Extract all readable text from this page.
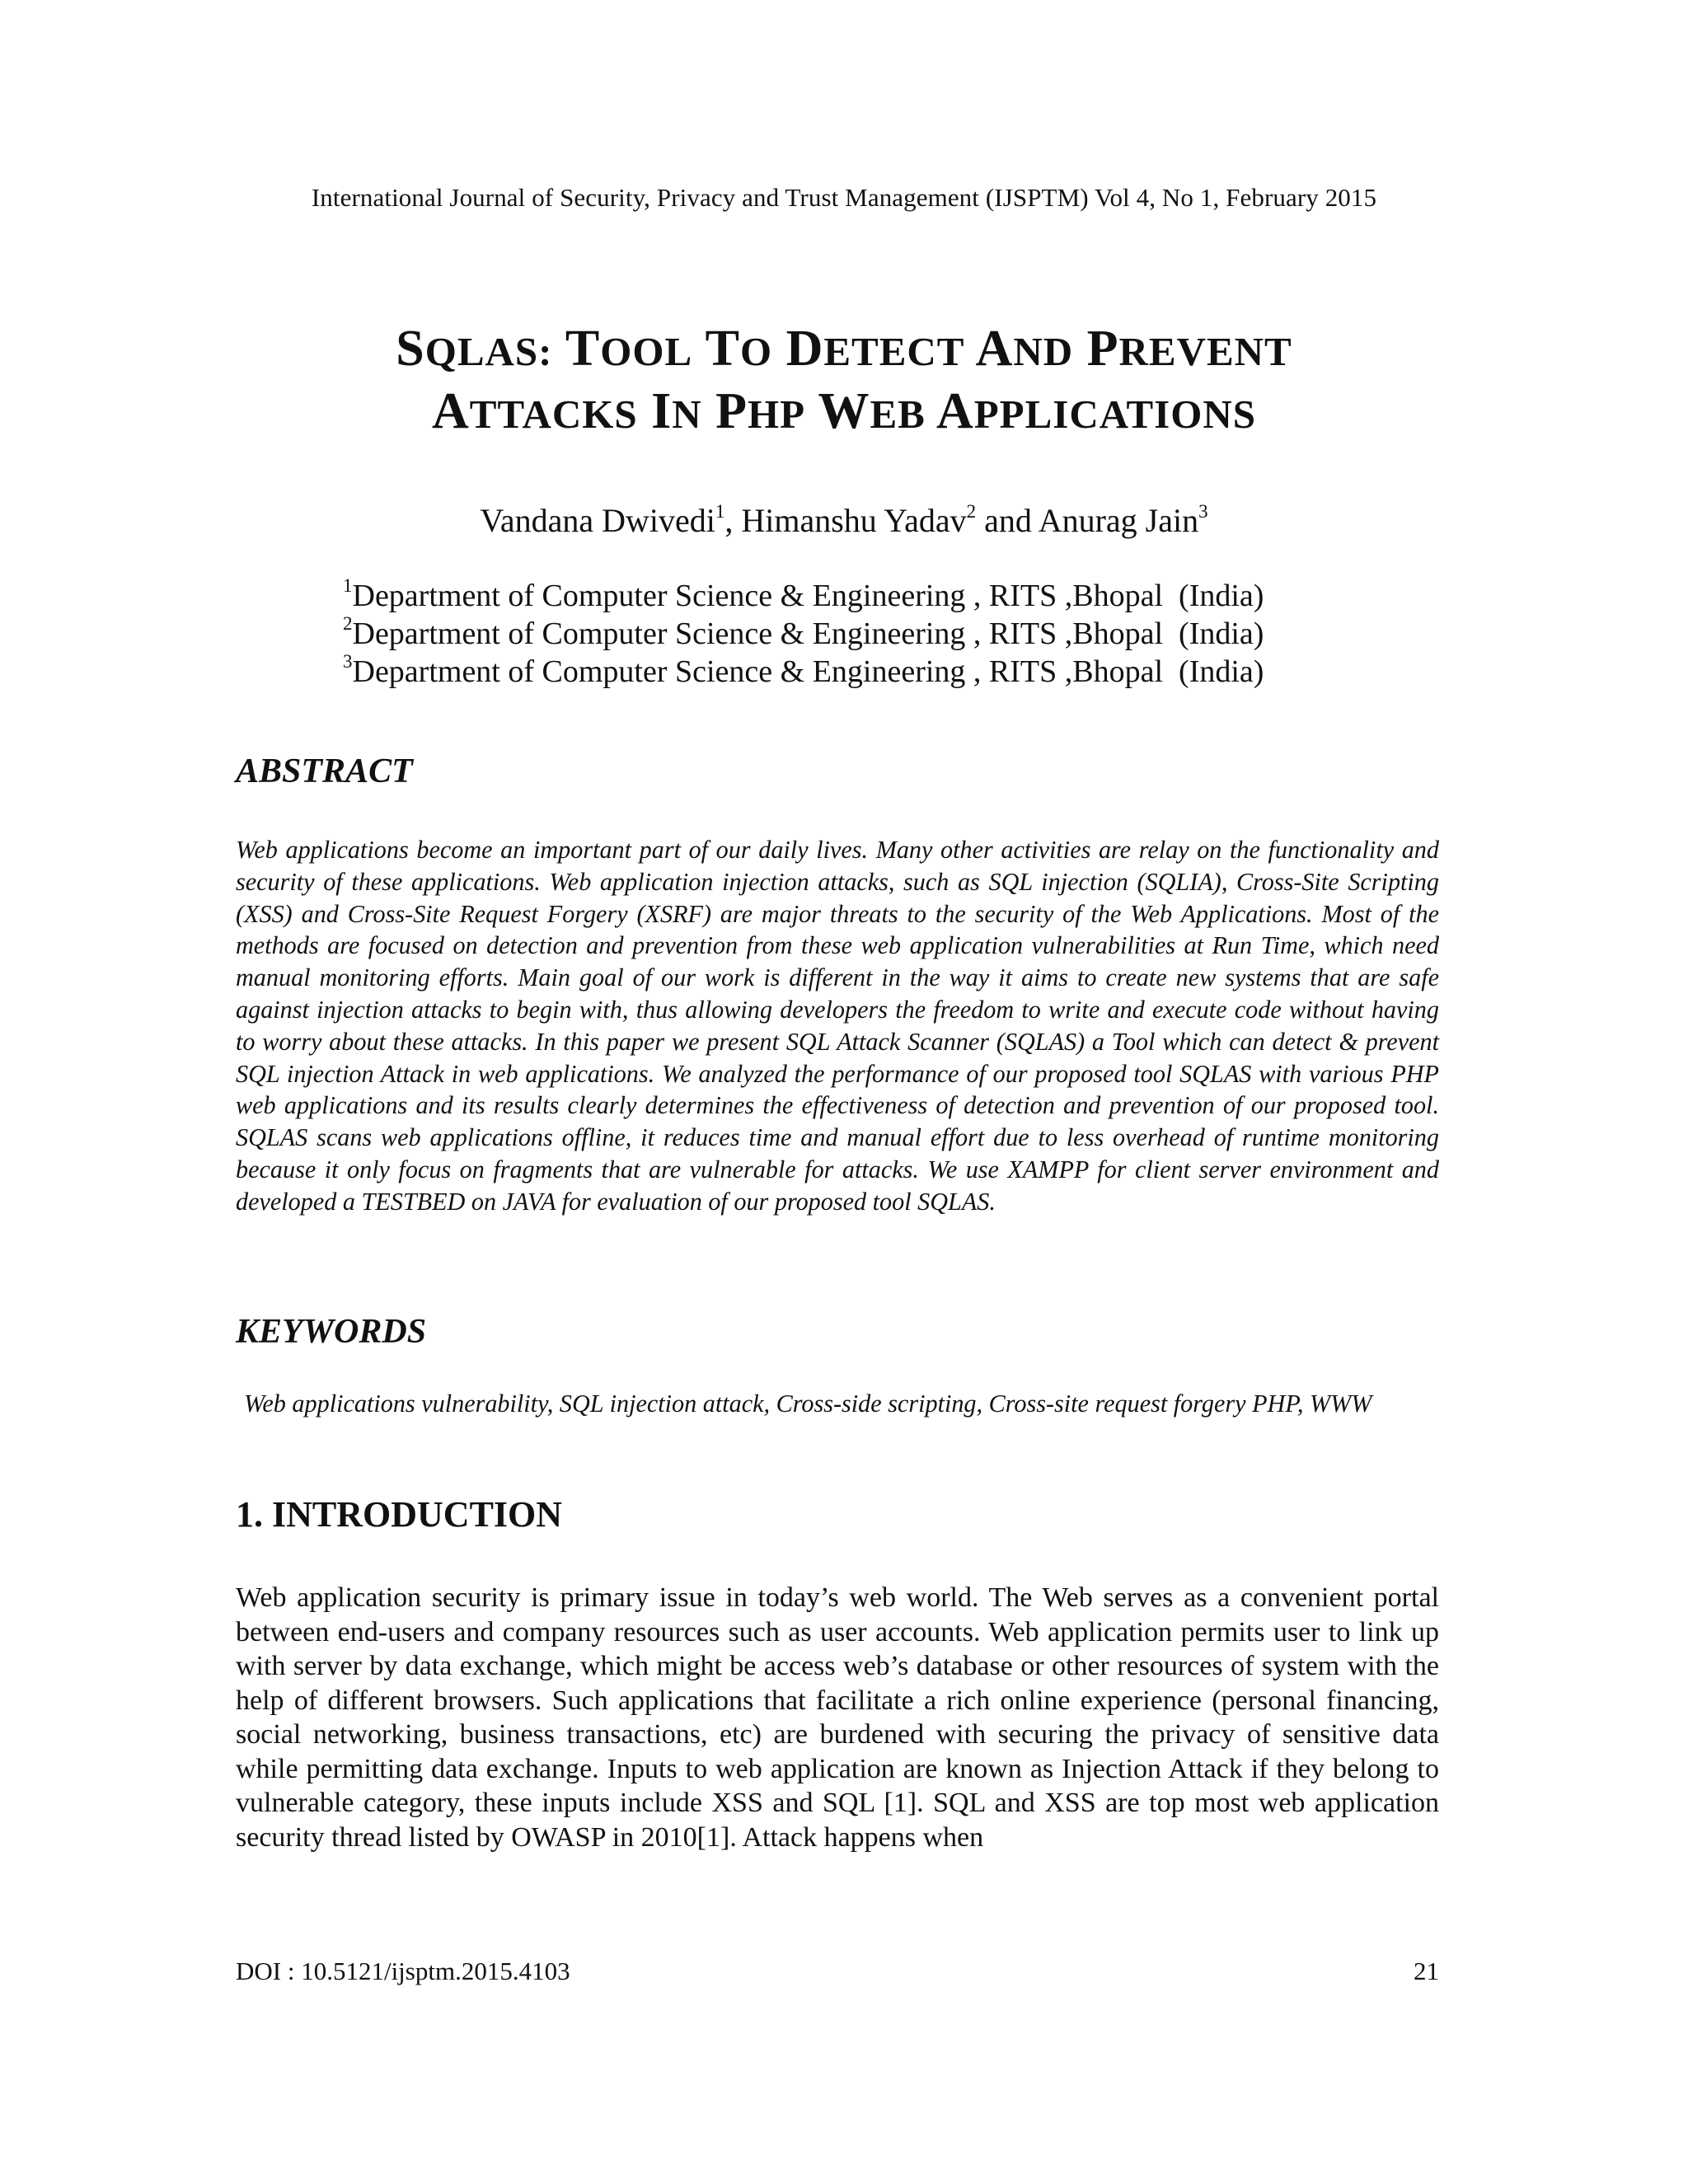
International Journal of Security, Privacy and Trust Management (IJSPTM) Vol 4, No 1, February 2015
SQLAS: TOOL TO DETECT AND PREVENT
ATTACKS IN PHP WEB APPLICATIONS
Vandana Dwivedi$^1$, Himanshu Yadav$^2$ and Anurag Jain$^3$
$^1$Department of Computer Science & Engineering , RITS ,Bhopal  (India)
$^2$Department of Computer Science & Engineering , RITS ,Bhopal  (India)
$^3$Department of Computer Science & Engineering , RITS ,Bhopal  (India)
ABSTRACT
Web applications become an important part of our daily lives. Many other activities are relay on the functionality and security of these applications. Web application injection attacks, such as SQL injection (SQLIA), Cross-Site Scripting (XSS) and Cross-Site Request Forgery (XSRF) are major threats to the security of the Web Applications. Most of the methods are focused on detection and prevention from these web application vulnerabilities at Run Time, which need manual monitoring efforts. Main goal of our work is different in the way it aims to create new systems that are safe against injection attacks to begin with, thus allowing developers the freedom to write and execute code without having to worry about these attacks. In this paper we present SQL Attack Scanner (SQLAS) a Tool which can detect & prevent SQL injection Attack in web applications. We analyzed the performance of our proposed tool SQLAS with various PHP web applications and its results clearly determines the effectiveness of detection and prevention of our proposed tool. SQLAS scans web applications offline, it reduces time and manual effort due to less overhead of runtime monitoring because it only focus on fragments that are vulnerable for attacks. We use XAMPP for client server environment and developed a TESTBED on JAVA for evaluation of our proposed tool SQLAS.
KEYWORDS
Web applications vulnerability, SQL injection attack, Cross-side scripting, Cross-site request forgery PHP, WWW
1. INTRODUCTION
Web application security is primary issue in today’s web world. The Web serves as a convenient portal between end-users and company resources such as user accounts. Web application permits user to link up with server by data exchange, which might be access web’s database or other resources of system with the help of different browsers. Such applications that facilitate a rich online experience (personal financing, social networking, business transactions, etc) are burdened with securing the privacy of sensitive data while permitting data exchange. Inputs to web application are known as Injection Attack if they belong to vulnerable category, these inputs include XSS and SQL [1]. SQL and XSS are top most web application security thread listed by OWASP in 2010[1]. Attack happens when
DOI : 10.5121/ijsptm.2015.4103	21
